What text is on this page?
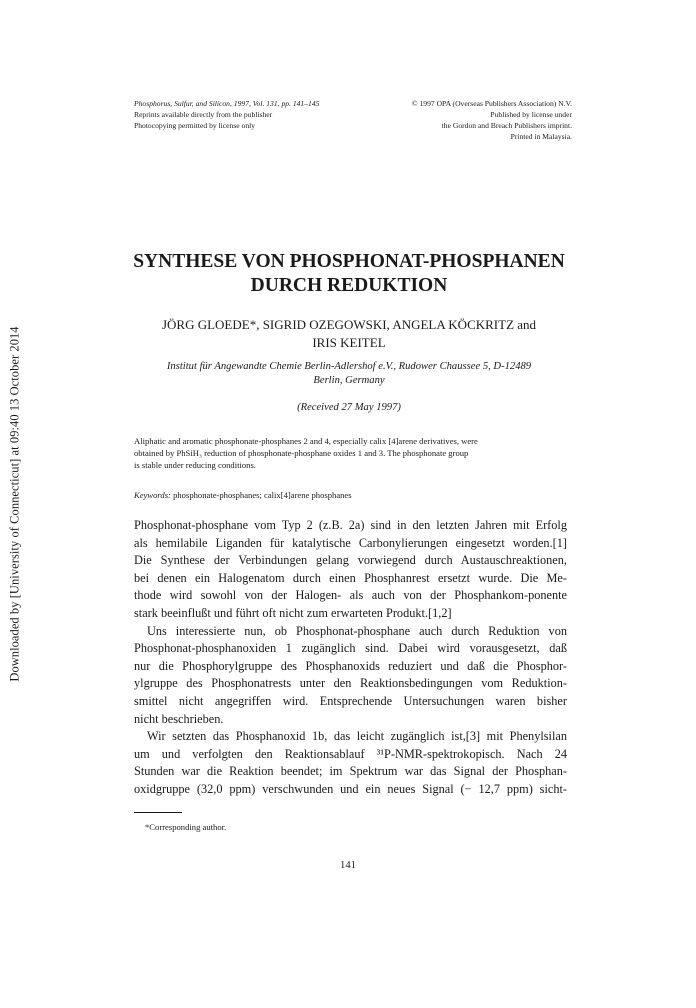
Downloaded by [University of Connecticut] at 09:40 13 October 2014
Phosphorus, Sulfur, and Silicon, 1997, Vol. 131, pp. 141–145
Reprints available directly from the publisher
Photocopying permitted by license only
© 1997 OPA (Overseas Publishers Association) N.V.
Published by license under
the Gordon and Breach Publishers imprint.
Printed in Malaysia.
SYNTHESE VON PHOSPHONAT-PHOSPHANEN
DURCH REDUKTION
JÖRG GLOEDE*, SIGRID OZEGOWSKI, ANGELA KÖCKRITZ and
IRIS KEITEL
Institut für Angewandte Chemie Berlin-Adlershof e.V., Rudower Chaussee 5, D-12489
Berlin, Germany
(Received 27 May 1997)
Aliphatic and aromatic phosphonate-phosphanes 2 and 4, especially calix [4]arene derivatives, were
obtained by PhSiH₃ reduction of phosphonate-phosphane oxides 1 and 3. The phosphonate group
is stable under reducing conditions.
Keywords: phosphonate-phosphanes; calix[4]arene phosphanes
Phosphonat-phosphane vom Typ 2 (z.B. 2a) sind in den letzten Jahren mit Erfolg
als hemilabile Liganden für katalytische Carbonylierungen eingesetzt worden.[1]
Die Synthese der Verbindungen gelang vorwiegend durch Austauschreaktionen,
bei denen ein Halogenatom durch einen Phosphanrest ersetzt wurde. Die Me-
thode wird sowohl von der Halogen- als auch von der Phosphankom-ponente
stark beeinflußt und führt oft nicht zum erwarteten Produkt.[1,2]
Uns interessierte nun, ob Phosphonat-phosphane auch durch Reduktion von
Phosphonat-phosphanoxiden 1 zugänglich sind. Dabei wird vorausgesetzt, daß
nur die Phosphorylgruppe des Phosphanoxids reduziert und daß die Phosphor-
ylgruppe des Phosphonatrests unter den Reaktionsbedingungen vom Reduktion-
smittel nicht angegriffen wird. Entsprechende Untersuchungen waren bisher
nicht beschrieben.
Wir setzten das Phosphanoxid 1b, das leicht zugänglich ist,[3] mit Phenylsilan
um und verfolgten den Reaktionsablauf ³¹P-NMR-spektrokopisch. Nach 24
Stunden war die Reaktion beendet; im Spektrum war das Signal der Phosphan-
oxidgruppe (32,0 ppm) verschwunden und ein neues Signal (− 12,7 ppm) sicht-
*Corresponding author.
141
